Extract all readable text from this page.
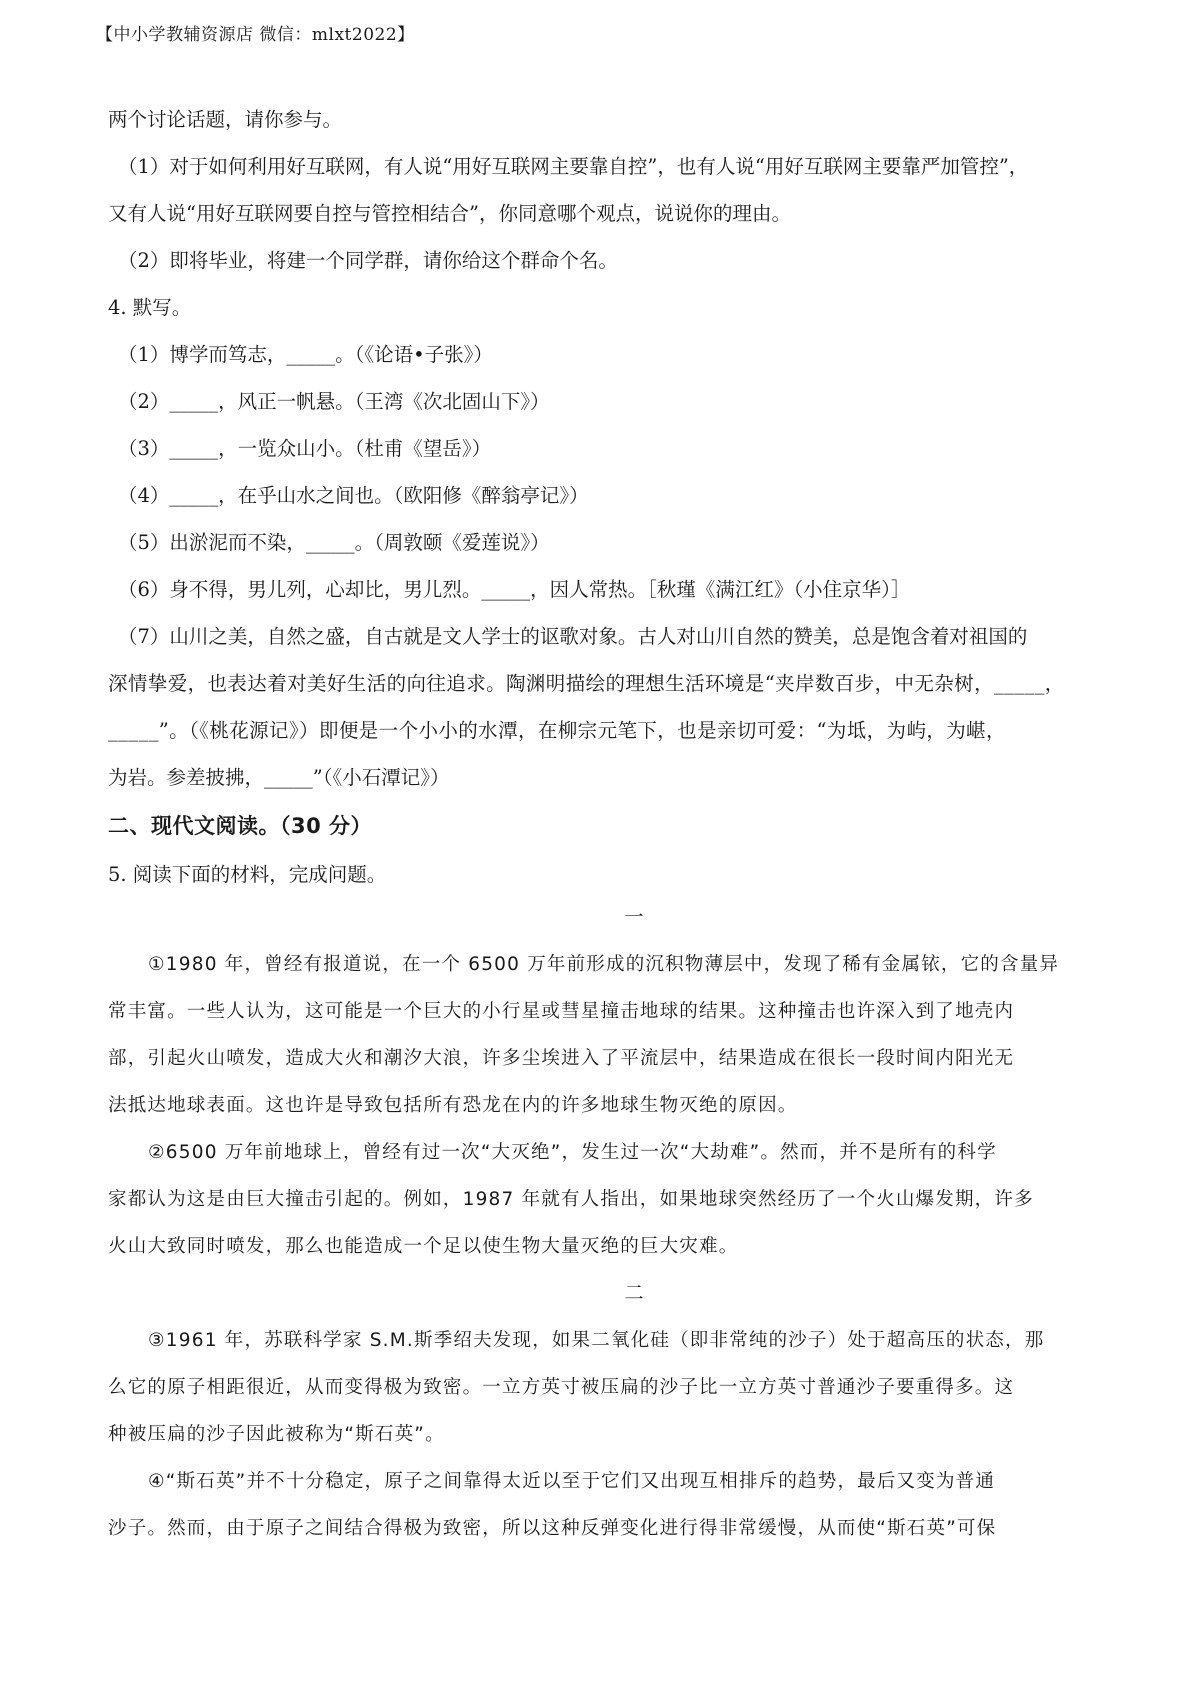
【中小学教辅资源店 微信：mlxt2022】
两个讨论话题，请你参与。
（1）对于如何利用好互联网，有人说“用好互联网主要靠自控”，也有人说“用好互联网主要靠严加管控”，
又有人说“用好互联网要自控与管控相结合”，你同意哪个观点，说说你的理由。
（2）即将毕业，将建一个同学群，请你给这个群命个名。
4. 默写。
（1）博学而笃志，_____。（《论语•子张》）
（2）_____，风正一帆悬。（王湾《次北固山下》）
（3）_____，一览众山小。（杜甫《望岳》）
（4）_____，在乎山水之间也。（欧阳修《醉翁亭记》）
（5）出淤泥而不染，_____。（周敦颐《爱莲说》）
（6）身不得，男儿列，心却比，男儿烈。_____，因人常热。［秋瑾《满江红》（小住京华）］
（7）山川之美，自然之盛，自古就是文人学士的讴歌对象。古人对山川自然的赞美，总是饱含着对祖国的
深情挚爱，也表达着对美好生活的向往追求。陶渊明描绘的理想生活环境是“夹岸数百步，中无杂树，_____，
_____”。（《桃花源记》）即便是一个小小的水潭，在柳宗元笔下，也是亲切可爱：“为坻，为屿，为嵁，
为岩。参差披拂，_____”（《小石潭记》）
二、现代文阅读。（30 分）
5. 阅读下面的材料，完成问题。
一
①1980 年，曾经有报道说，在一个 6500 万年前形成的沉积物薄层中，发现了稀有金属铱，它的含量异
常丰富。一些人认为，这可能是一个巨大的小行星或彗星撞击地球的结果。这种撞击也许深入到了地壳内
部，引起火山喷发，造成大火和潮汐大浪，许多尘埃进入了平流层中，结果造成在很长一段时间内阳光无
法抵达地球表面。这也许是导致包括所有恐龙在内的许多地球生物灭绝的原因。
②6500 万年前地球上，曾经有过一次“大灭绝”，发生过一次“大劫难”。然而，并不是所有的科学
家都认为这是由巨大撞击引起的。例如，1987 年就有人指出，如果地球突然经历了一个火山爆发期，许多
火山大致同时喷发，那么也能造成一个足以使生物大量灭绝的巨大灾难。
二
③1961 年，苏联科学家 S.M.斯季绍夫发现，如果二氧化硅（即非常纯的沙子）处于超高压的状态，那
么它的原子相距很近，从而变得极为致密。一立方英寸被压扁的沙子比一立方英寸普通沙子要重得多。这
种被压扁的沙子因此被称为“斯石英”。
④“斯石英”并不十分稳定，原子之间靠得太近以至于它们又出现互相排斥的趋势，最后又变为普通
沙子。然而，由于原子之间结合得极为致密，所以这种反弹变化进行得非常缓慢，从而使“斯石英”可保
